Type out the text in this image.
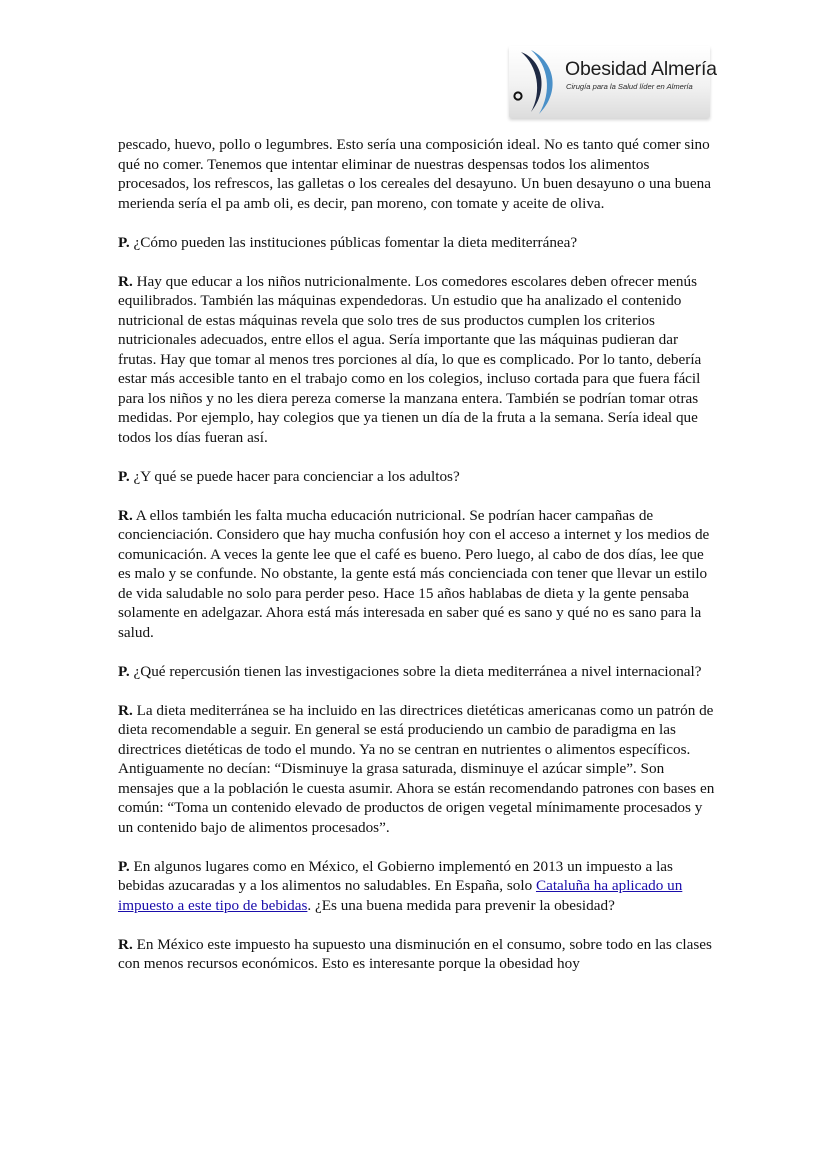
Obesidad Almería
Cirugía para la Salud líder en Almería

pescado, huevo, pollo o legumbres. Esto sería una composición ideal. No es tanto qué comer sino qué no comer. Tenemos que intentar eliminar de nuestras despensas todos los alimentos procesados, los refrescos, las galletas o los cereales del desayuno. Un buen desayuno o una buena merienda sería el pa amb oli, es decir, pan moreno, con tomate y aceite de oliva.

P. ¿Cómo pueden las instituciones públicas fomentar la dieta mediterránea?

R. Hay que educar a los niños nutricionalmente. Los comedores escolares deben ofrecer menús equilibrados. También las máquinas expendedoras. Un estudio que ha analizado el contenido nutricional de estas máquinas revela que solo tres de sus productos cumplen los criterios nutricionales adecuados, entre ellos el agua. Sería importante que las máquinas pudieran dar frutas. Hay que tomar al menos tres porciones al día, lo que es complicado. Por lo tanto, debería estar más accesible tanto en el trabajo como en los colegios, incluso cortada para que fuera fácil para los niños y no les diera pereza comerse la manzana entera. También se podrían tomar otras medidas. Por ejemplo, hay colegios que ya tienen un día de la fruta a la semana. Sería ideal que todos los días fueran así.

P. ¿Y qué se puede hacer para concienciar a los adultos?

R. A ellos también les falta mucha educación nutricional. Se podrían hacer campañas de concienciación. Considero que hay mucha confusión hoy con el acceso a internet y los medios de comunicación. A veces la gente lee que el café es bueno. Pero luego, al cabo de dos días, lee que es malo y se confunde. No obstante, la gente está más concienciada con tener que llevar un estilo de vida saludable no solo para perder peso. Hace 15 años hablabas de dieta y la gente pensaba solamente en adelgazar. Ahora está más interesada en saber qué es sano y qué no es sano para la salud.

P. ¿Qué repercusión tienen las investigaciones sobre la dieta mediterránea a nivel internacional?

R. La dieta mediterránea se ha incluido en las directrices dietéticas americanas como un patrón de dieta recomendable a seguir. En general se está produciendo un cambio de paradigma en las directrices dietéticas de todo el mundo. Ya no se centran en nutrientes o alimentos específicos. Antiguamente no decían: “Disminuye la grasa saturada, disminuye el azúcar simple”. Son mensajes que a la población le cuesta asumir. Ahora se están recomendando patrones con bases en común: “Toma un contenido elevado de productos de origen vegetal mínimamente procesados y un contenido bajo de alimentos procesados”.

P. En algunos lugares como en México, el Gobierno implementó en 2013 un impuesto a las bebidas azucaradas y a los alimentos no saludables. En España, solo Cataluña ha aplicado un impuesto a este tipo de bebidas. ¿Es una buena medida para prevenir la obesidad?

R. En México este impuesto ha supuesto una disminución en el consumo, sobre todo en las clases con menos recursos económicos. Esto es interesante porque la obesidad hoy
